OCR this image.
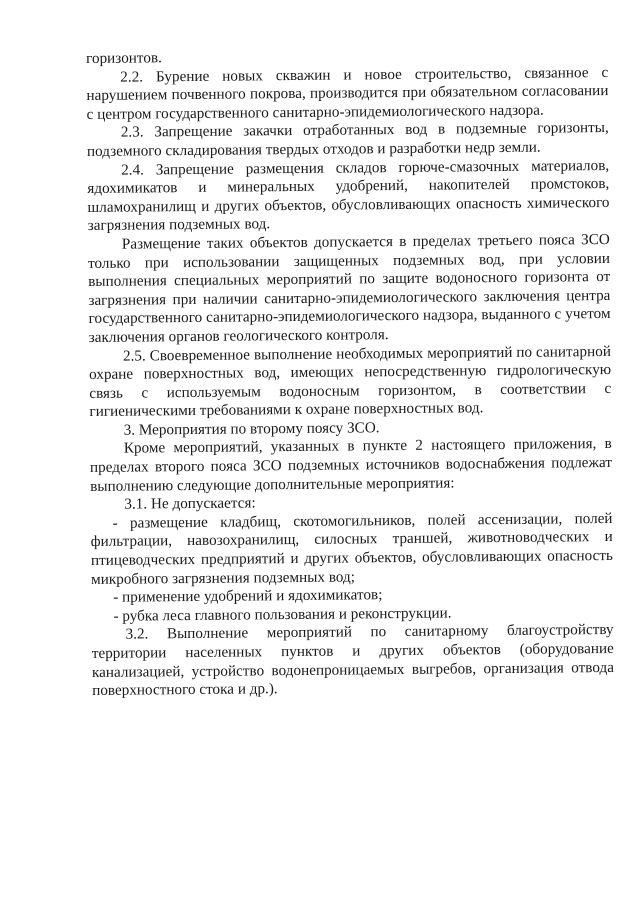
горизонтов.

2.2. Бурение новых скважин и новое строительство, связанное с нарушением почвенного покрова, производится при обязательном согласовании с центром государственного санитарно-эпидемиологического надзора.

2.3. Запрещение закачки отработанных вод в подземные горизонты, подземного складирования твердых отходов и разработки недр земли.

2.4. Запрещение размещения складов горюче-смазочных материалов, ядохимикатов и минеральных удобрений, накопителей промстоков, шламохранилищ и других объектов, обусловливающих опасность химического загрязнения подземных вод.

Размещение таких объектов допускается в пределах третьего пояса ЗСО только при использовании защищенных подземных вод, при условии выполнения специальных мероприятий по защите водоносного горизонта от загрязнения при наличии санитарно-эпидемиологического заключения центра государственного санитарно-эпидемиологического надзора, выданного с учетом заключения органов геологического контроля.

2.5. Своевременное выполнение необходимых мероприятий по санитарной охране поверхностных вод, имеющих непосредственную гидрологическую связь с используемым водоносным горизонтом, в соответствии с гигиеническими требованиями к охране поверхностных вод.

3. Мероприятия по второму поясу ЗСО.

Кроме мероприятий, указанных в пункте 2 настоящего приложения, в пределах второго пояса ЗСО подземных источников водоснабжения подлежат выполнению следующие дополнительные мероприятия:

3.1. Не допускается:

- размещение кладбищ, скотомогильников, полей ассенизации, полей фильтрации, навозохранилищ, силосных траншей, животноводческих и птицеводческих предприятий и других объектов, обусловливающих опасность микробного загрязнения подземных вод;

- применение удобрений и ядохимикатов;

- рубка леса главного пользования и реконструкции.

3.2. Выполнение мероприятий по санитарному благоустройству территории населенных пунктов и других объектов (оборудование канализацией, устройство водонепроницаемых выгребов, организация отвода поверхностного стока и др.).
